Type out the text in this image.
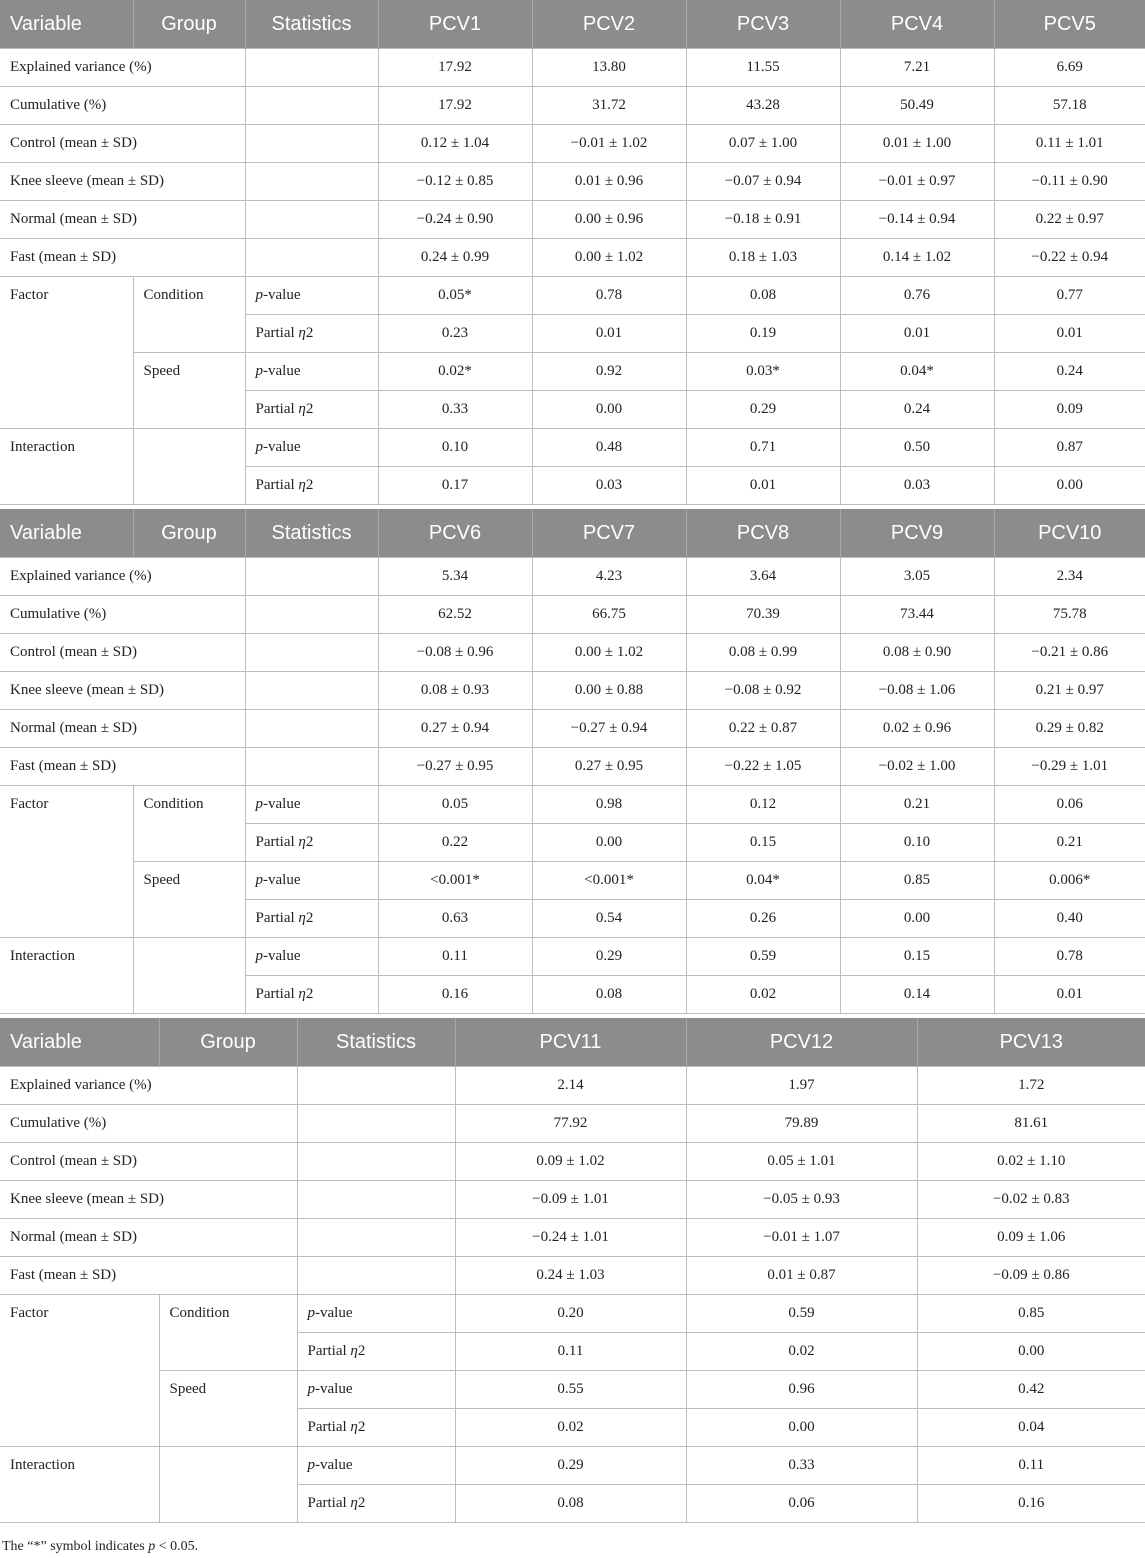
Variable	Group	Statistics	PCV1	PCV2	PCV3	PCV4	PCV5
Explained variance (%)			17.92	13.80	11.55	7.21	6.69
Cumulative (%)			17.92	31.72	43.28	50.49	57.18
Control (mean ± SD)			0.12 ± 1.04	−0.01 ± 1.02	0.07 ± 1.00	0.01 ± 1.00	0.11 ± 1.01
Knee sleeve (mean ± SD)			−0.12 ± 0.85	0.01 ± 0.96	−0.07 ± 0.94	−0.01 ± 0.97	−0.11 ± 0.90
Normal (mean ± SD)			−0.24 ± 0.90	0.00 ± 0.96	−0.18 ± 0.91	−0.14 ± 0.94	0.22 ± 0.97
Fast (mean ± SD)			0.24 ± 0.99	0.00 ± 1.02	0.18 ± 1.03	0.14 ± 1.02	−0.22 ± 0.94
Factor	Condition	p-value	0.05*	0.78	0.08	0.76	0.77
		Partial η2	0.23	0.01	0.19	0.01	0.01
	Speed	p-value	0.02*	0.92	0.03*	0.04*	0.24
		Partial η2	0.33	0.00	0.29	0.24	0.09
Interaction		p-value	0.10	0.48	0.71	0.50	0.87
		Partial η2	0.17	0.03	0.01	0.03	0.00
Variable	Group	Statistics	PCV6	PCV7	PCV8	PCV9	PCV10
Explained variance (%)			5.34	4.23	3.64	3.05	2.34
Cumulative (%)			62.52	66.75	70.39	73.44	75.78
Control (mean ± SD)			−0.08 ± 0.96	0.00 ± 1.02	0.08 ± 0.99	0.08 ± 0.90	−0.21 ± 0.86
Knee sleeve (mean ± SD)			0.08 ± 0.93	0.00 ± 0.88	−0.08 ± 0.92	−0.08 ± 1.06	0.21 ± 0.97
Normal (mean ± SD)			0.27 ± 0.94	−0.27 ± 0.94	0.22 ± 0.87	0.02 ± 0.96	0.29 ± 0.82
Fast (mean ± SD)			−0.27 ± 0.95	0.27 ± 0.95	−0.22 ± 1.05	−0.02 ± 1.00	−0.29 ± 1.01
Factor	Condition	p-value	0.05	0.98	0.12	0.21	0.06
		Partial η2	0.22	0.00	0.15	0.10	0.21
	Speed	p-value	<0.001*	<0.001*	0.04*	0.85	0.006*
		Partial η2	0.63	0.54	0.26	0.00	0.40
Interaction		p-value	0.11	0.29	0.59	0.15	0.78
		Partial η2	0.16	0.08	0.02	0.14	0.01
Variable	Group	Statistics	PCV11	PCV12	PCV13
Explained variance (%)			2.14	1.97	1.72
Cumulative (%)			77.92	79.89	81.61
Control (mean ± SD)			0.09 ± 1.02	0.05 ± 1.01	0.02 ± 1.10
Knee sleeve (mean ± SD)			−0.09 ± 1.01	−0.05 ± 0.93	−0.02 ± 0.83
Normal (mean ± SD)			−0.24 ± 1.01	−0.01 ± 1.07	0.09 ± 1.06
Fast (mean ± SD)			0.24 ± 1.03	0.01 ± 0.87	−0.09 ± 0.86
Factor	Condition	p-value	0.20	0.59	0.85
		Partial η2	0.11	0.02	0.00
	Speed	p-value	0.55	0.96	0.42
		Partial η2	0.02	0.00	0.04
Interaction		p-value	0.29	0.33	0.11
		Partial η2	0.08	0.06	0.16

The “*” symbol indicates p < 0.05.
